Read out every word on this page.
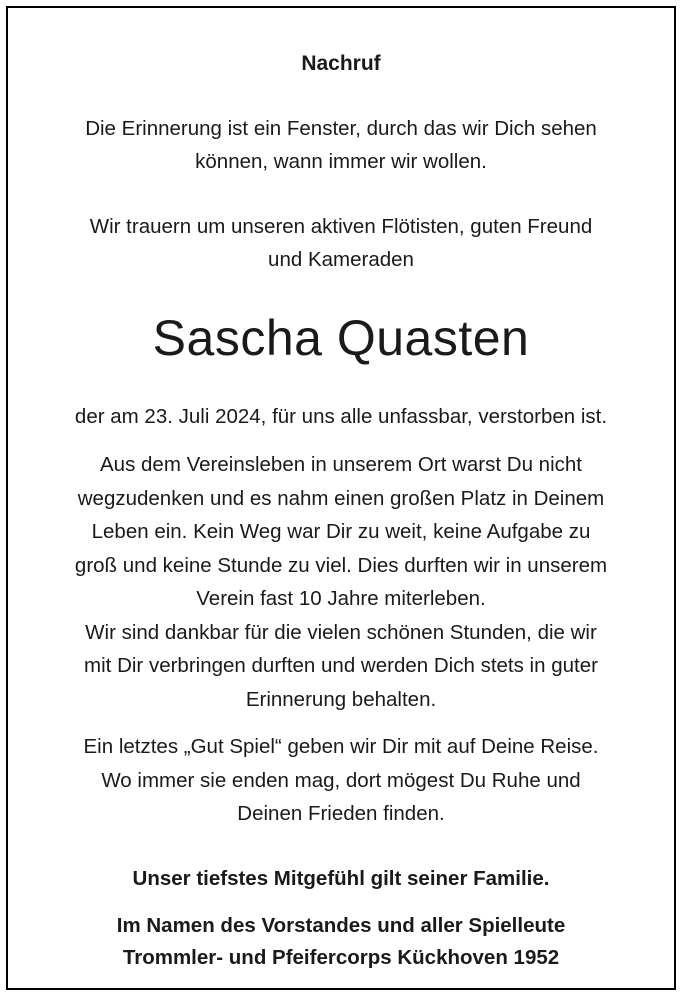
Nachruf
Die Erinnerung ist ein Fenster, durch das wir Dich sehen
können, wann immer wir wollen.
Wir trauern um unseren aktiven Flötisten, guten Freund
und Kameraden
Sascha Quasten
der am 23. Juli 2024, für uns alle unfassbar, verstorben ist.
Aus dem Vereinsleben in unserem Ort warst Du nicht
wegzudenken und es nahm einen großen Platz in Deinem
Leben ein. Kein Weg war Dir zu weit, keine Aufgabe zu
groß und keine Stunde zu viel. Dies durften wir in unserem
Verein fast 10 Jahre miterleben.
Wir sind dankbar für die vielen schönen Stunden, die wir
mit Dir verbringen durften und werden Dich stets in guter
Erinnerung behalten.
Ein letztes „Gut Spiel“ geben wir Dir mit auf Deine Reise.
Wo immer sie enden mag, dort mögest Du Ruhe und
Deinen Frieden finden.
Unser tiefstes Mitgefühl gilt seiner Familie.
Im Namen des Vorstandes und aller Spielleute
Trommler- und Pfeifercorps Kückhoven 1952
